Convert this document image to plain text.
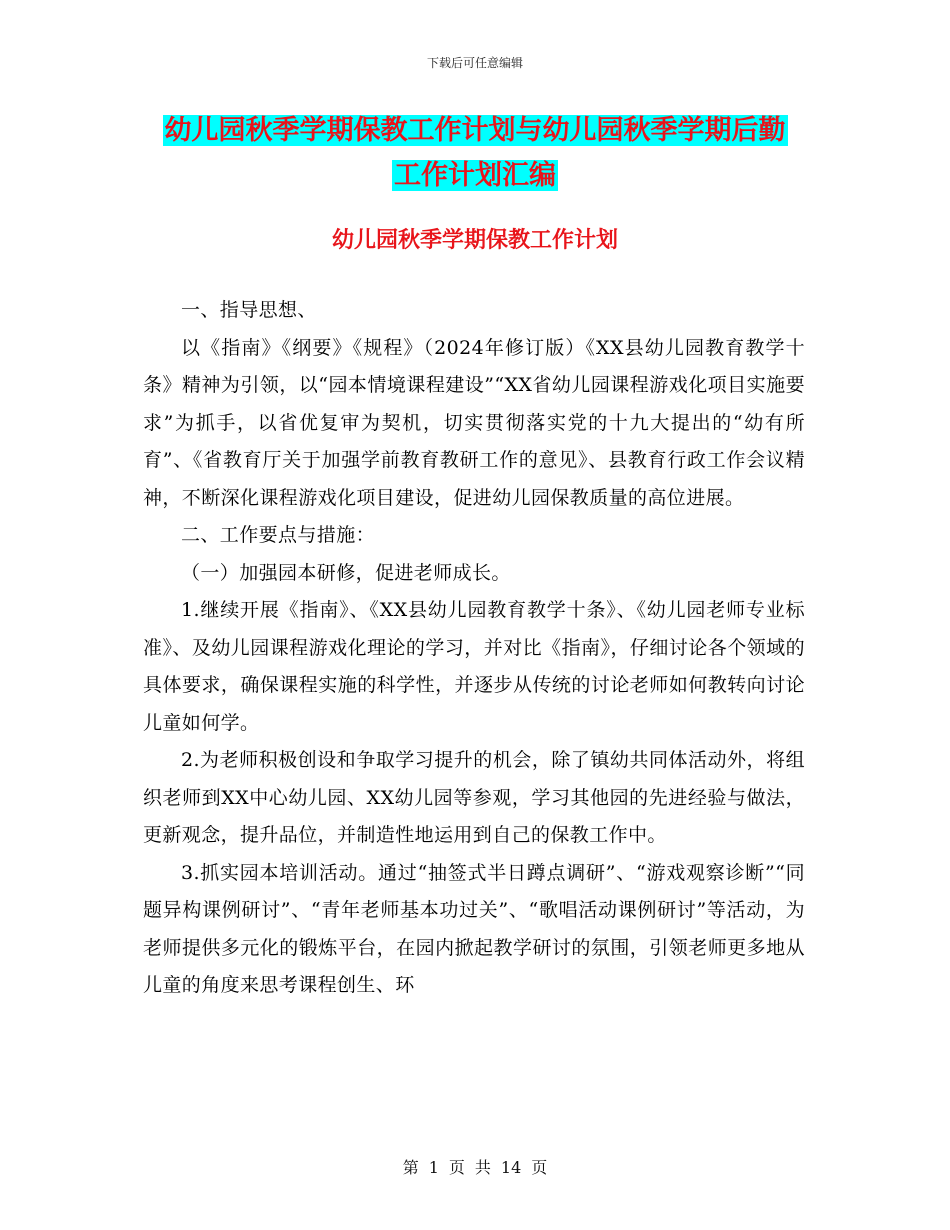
下载后可任意编辑
幼儿园秋季学期保教工作计划与幼儿园秋季学期后勤
工作计划汇编
幼儿园秋季学期保教工作计划

一、指导思想、

以《指南》《纲要》《规程》（2024年修订版）《XX县幼儿园教育教学十条》精神为引领，以“园本情境课程建设”“XX省幼儿园课程游戏化项目实施要求”为抓手，以省优复审为契机，切实贯彻落实党的十九大提出的“幼有所育”、《省教育厅关于加强学前教育教研工作的意见》、县教育行政工作会议精神，不断深化课程游戏化项目建设，促进幼儿园保教质量的高位进展。

二、工作要点与措施：

（一）加强园本研修，促进老师成长。

1.继续开展《指南》、《XX县幼儿园教育教学十条》、《幼儿园老师专业标准》、及幼儿园课程游戏化理论的学习，并对比《指南》，仔细讨论各个领域的具体要求，确保课程实施的科学性，并逐步从传统的讨论老师如何教转向讨论儿童如何学。

2.为老师积极创设和争取学习提升的机会，除了镇幼共同体活动外，将组织老师到XX中心幼儿园、XX幼儿园等参观，学习其他园的先进经验与做法，更新观念，提升品位，并制造性地运用到自己的保教工作中。

3.抓实园本培训活动。通过“抽签式半日蹲点调研”、“游戏观察诊断”“同题异构课例研讨”、“青年老师基本功过关”、“歌唱活动课例研讨”等活动，为老师提供多元化的锻炼平台，在园内掀起教学研讨的氛围，引领老师更多地从儿童的角度来思考课程创生、环

第 1 页 共 14 页
